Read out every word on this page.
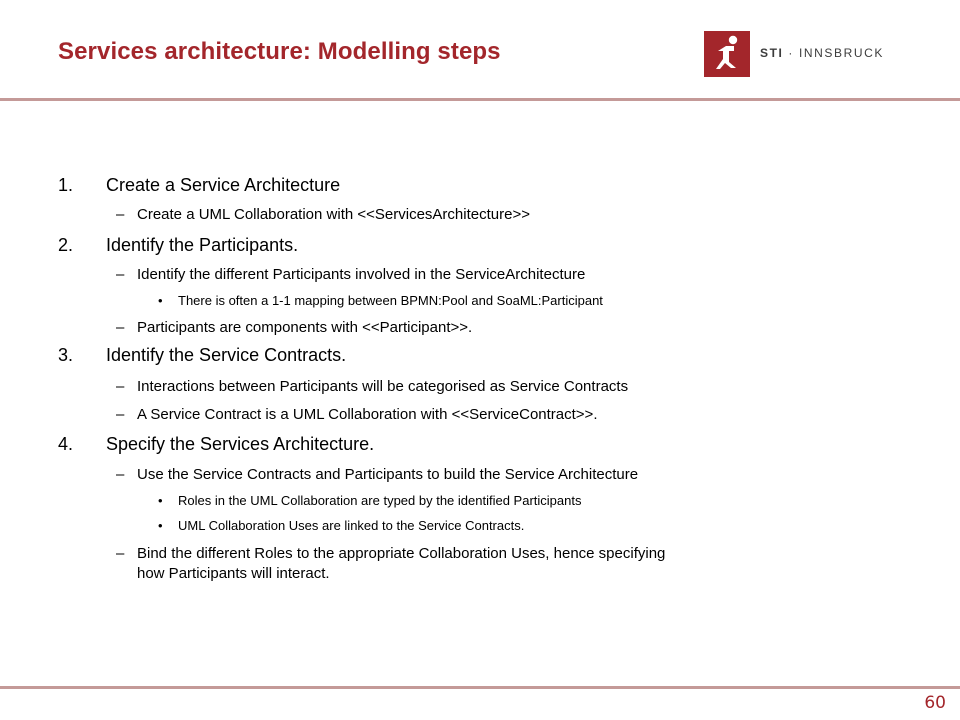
Services architecture: Modelling steps	STI · INNSBRUCK
1. Create a Service Architecture
– Create a UML Collaboration with <<ServicesArchitecture>>
2. Identify the Participants.
– Identify the different Participants involved in the ServiceArchitecture
• There is often a 1-1 mapping between BPMN:Pool and SoaML:Participant
– Participants are components with <<Participant>>.
3. Identify the Service Contracts.
– Interactions between Participants will be categorised as Service Contracts
– A Service Contract is a UML Collaboration with <<ServiceContract>>.
4. Specify the Services Architecture.
– Use the Service Contracts and Participants to build the Service Architecture
• Roles in the UML Collaboration are typed by the identified Participants
• UML Collaboration Uses are linked to the Service Contracts.
– Bind the different Roles to the appropriate Collaboration Uses, hence specifying
how Participants will interact.
60
